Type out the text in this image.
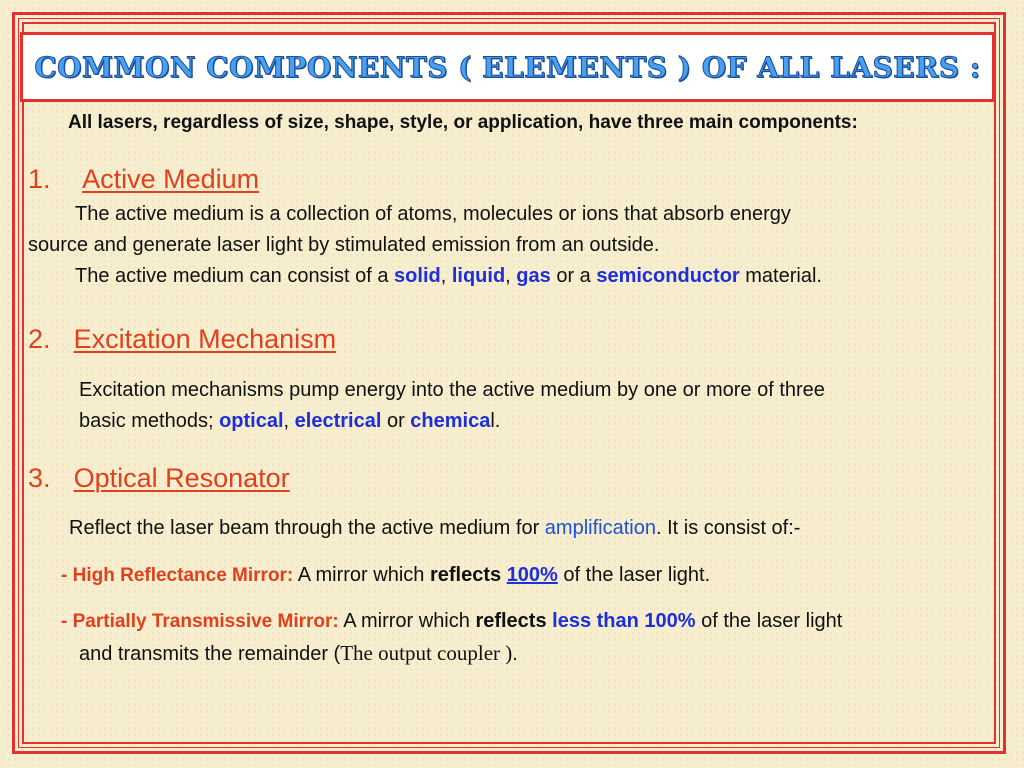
COMMON COMPONENTS ( ELEMENTS ) OF ALL LASERS :
All lasers, regardless of size, shape, style, or application, have three main components:
1. Active Medium
The active medium is a collection of atoms, molecules or ions that absorb energy
source and generate laser light by stimulated emission from an outside.
The active medium can consist of a solid, liquid, gas or a semiconductor material.
2. Excitation Mechanism
Excitation mechanisms pump energy into the active medium by one or more of three
basic methods; optical, electrical or chemical.
3. Optical Resonator
Reflect the laser beam through the active medium for amplification. It is consist of:-
- High Reflectance Mirror: A mirror which reflects 100% of the laser light.
- Partially Transmissive Mirror: A mirror which reflects less than 100% of the laser light
and transmits the remainder (The output coupler ).
